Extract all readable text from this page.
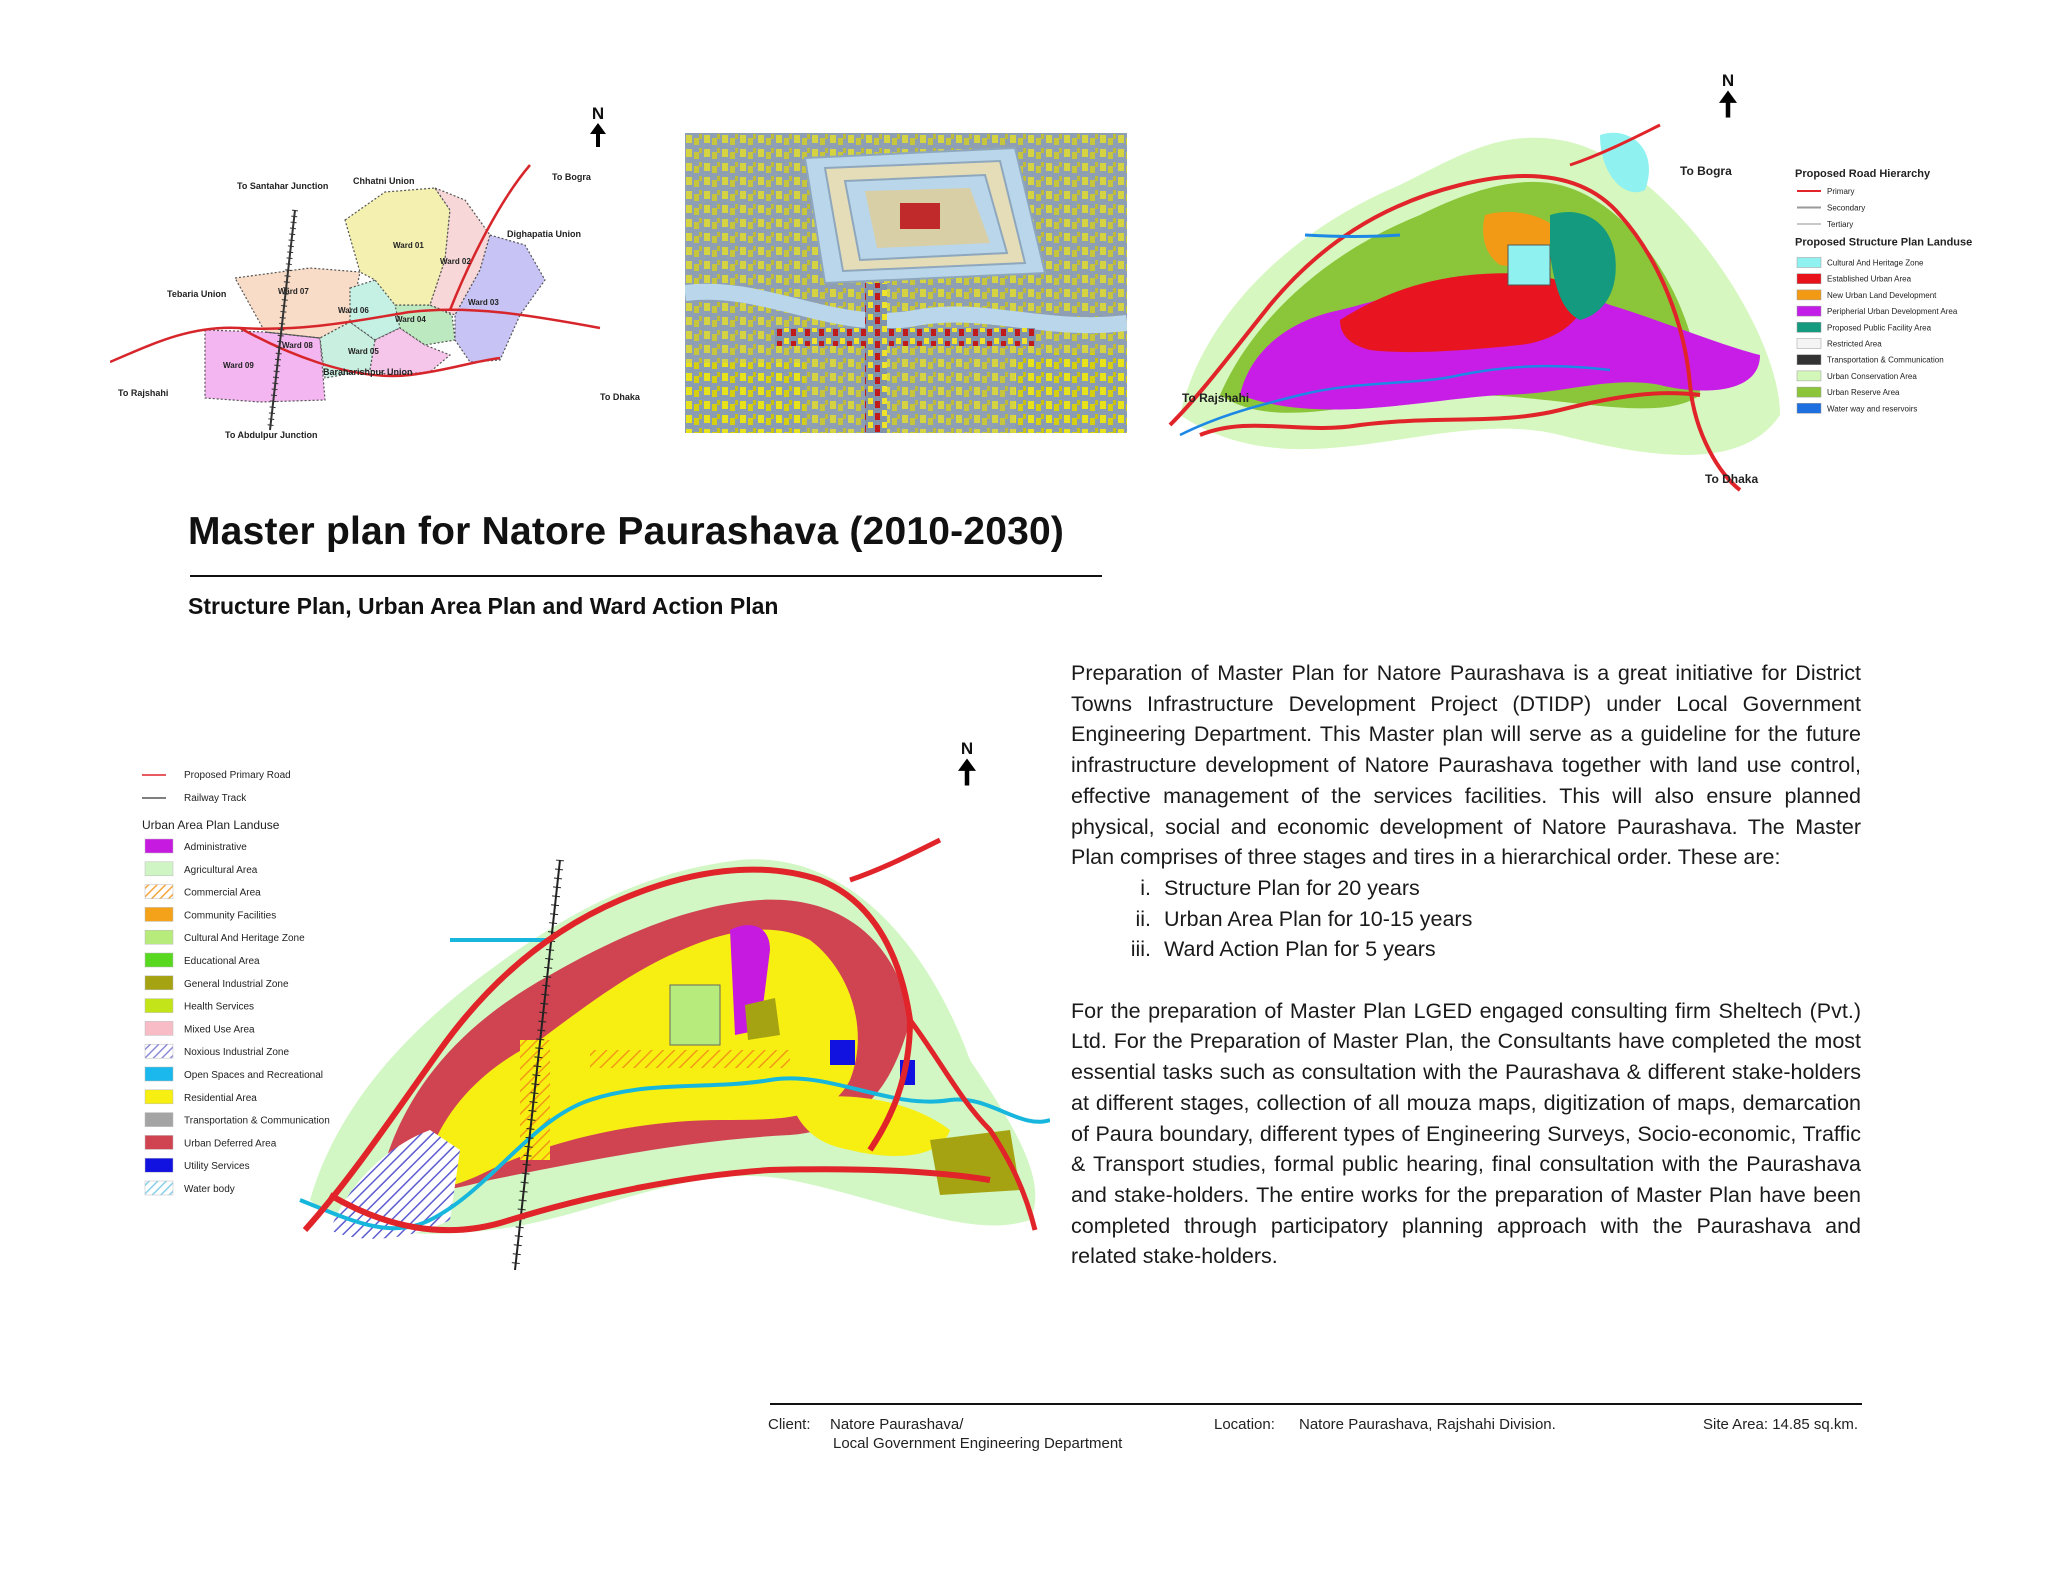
Ward 01
Ward 02
Ward 03
Ward 04
Ward 05
Ward 06
Ward 07
Ward 08
Ward 09
To Santahar Junction	Chhatni Union	To Bogra
Dighapatia Union
Tebaria Union
To Rajshahi	To Dhaka
To Abdulpur Junction
Baraharishpur Union
N
To Bogra
To Rajshahi
To Dhaka
N
Proposed Road Hierarchy
Primary
Secondary
Tertiary
Proposed Structure Plan Landuse
Cultural And Heritage Zone
Established Urban Area
New Urban Land Development
Peripherial Urban Development Area
Proposed Public Facility Area
Restricted Area
Transportation & Communication
Urban Conservation Area
Urban Reserve Area
Water way and reservoirs
Master plan for Natore Paurashava (2010-2030)
Structure Plan, Urban Area Plan and Ward Action Plan
N
Proposed Primary Road
Railway Track
Urban Area Plan Landuse
Administrative
Agricultural Area
Commercial Area
Community Facilities
Cultural And Heritage Zone
Educational Area
General Industrial Zone
Health Services
Mixed Use Area
Noxious Industrial Zone
Open Spaces and Recreational
Residential Area
Transportation & Communication
Urban Deferred Area
Utility Services
Water body

Preparation of Master Plan for Natore Paurashava is a great initiative for District Towns Infrastructure Development Project (DTIDP) under Local Government Engineering Department. This Master plan will serve as a guideline for the future infrastructure development of Natore Paurashava together with land use control, effective management of the services facilities. This will also ensure planned physical, social and economic development of Natore Paurashava. The Master Plan comprises of three stages and tires in a hierarchical order. These are:

i. Structure Plan for 20 years
ii. Urban Area Plan for 10-15 years
iii. Ward Action Plan for 5 years

For the preparation of Master Plan LGED engaged consulting firm Sheltech (Pvt.) Ltd. For the Preparation of Master Plan, the Consultants have completed the most essential tasks such as consultation with the Paurashava & different stake-holders at different stages, collection of all mouza maps, digitization of maps, demarcation of Paura boundary, different types of Engineering Surveys, Socio-economic, Traffic & Transport studies, formal public hearing, final consultation with the Paurashava and stake-holders. The entire works for the preparation of Master Plan have been completed through participatory planning approach with the Paurashava and related stake-holders.

Client: Natore Paurashava/
Local Government Engineering Department
Location: Natore Paurashava, Rajshahi Division.	Site Area: 14.85 sq.km.
